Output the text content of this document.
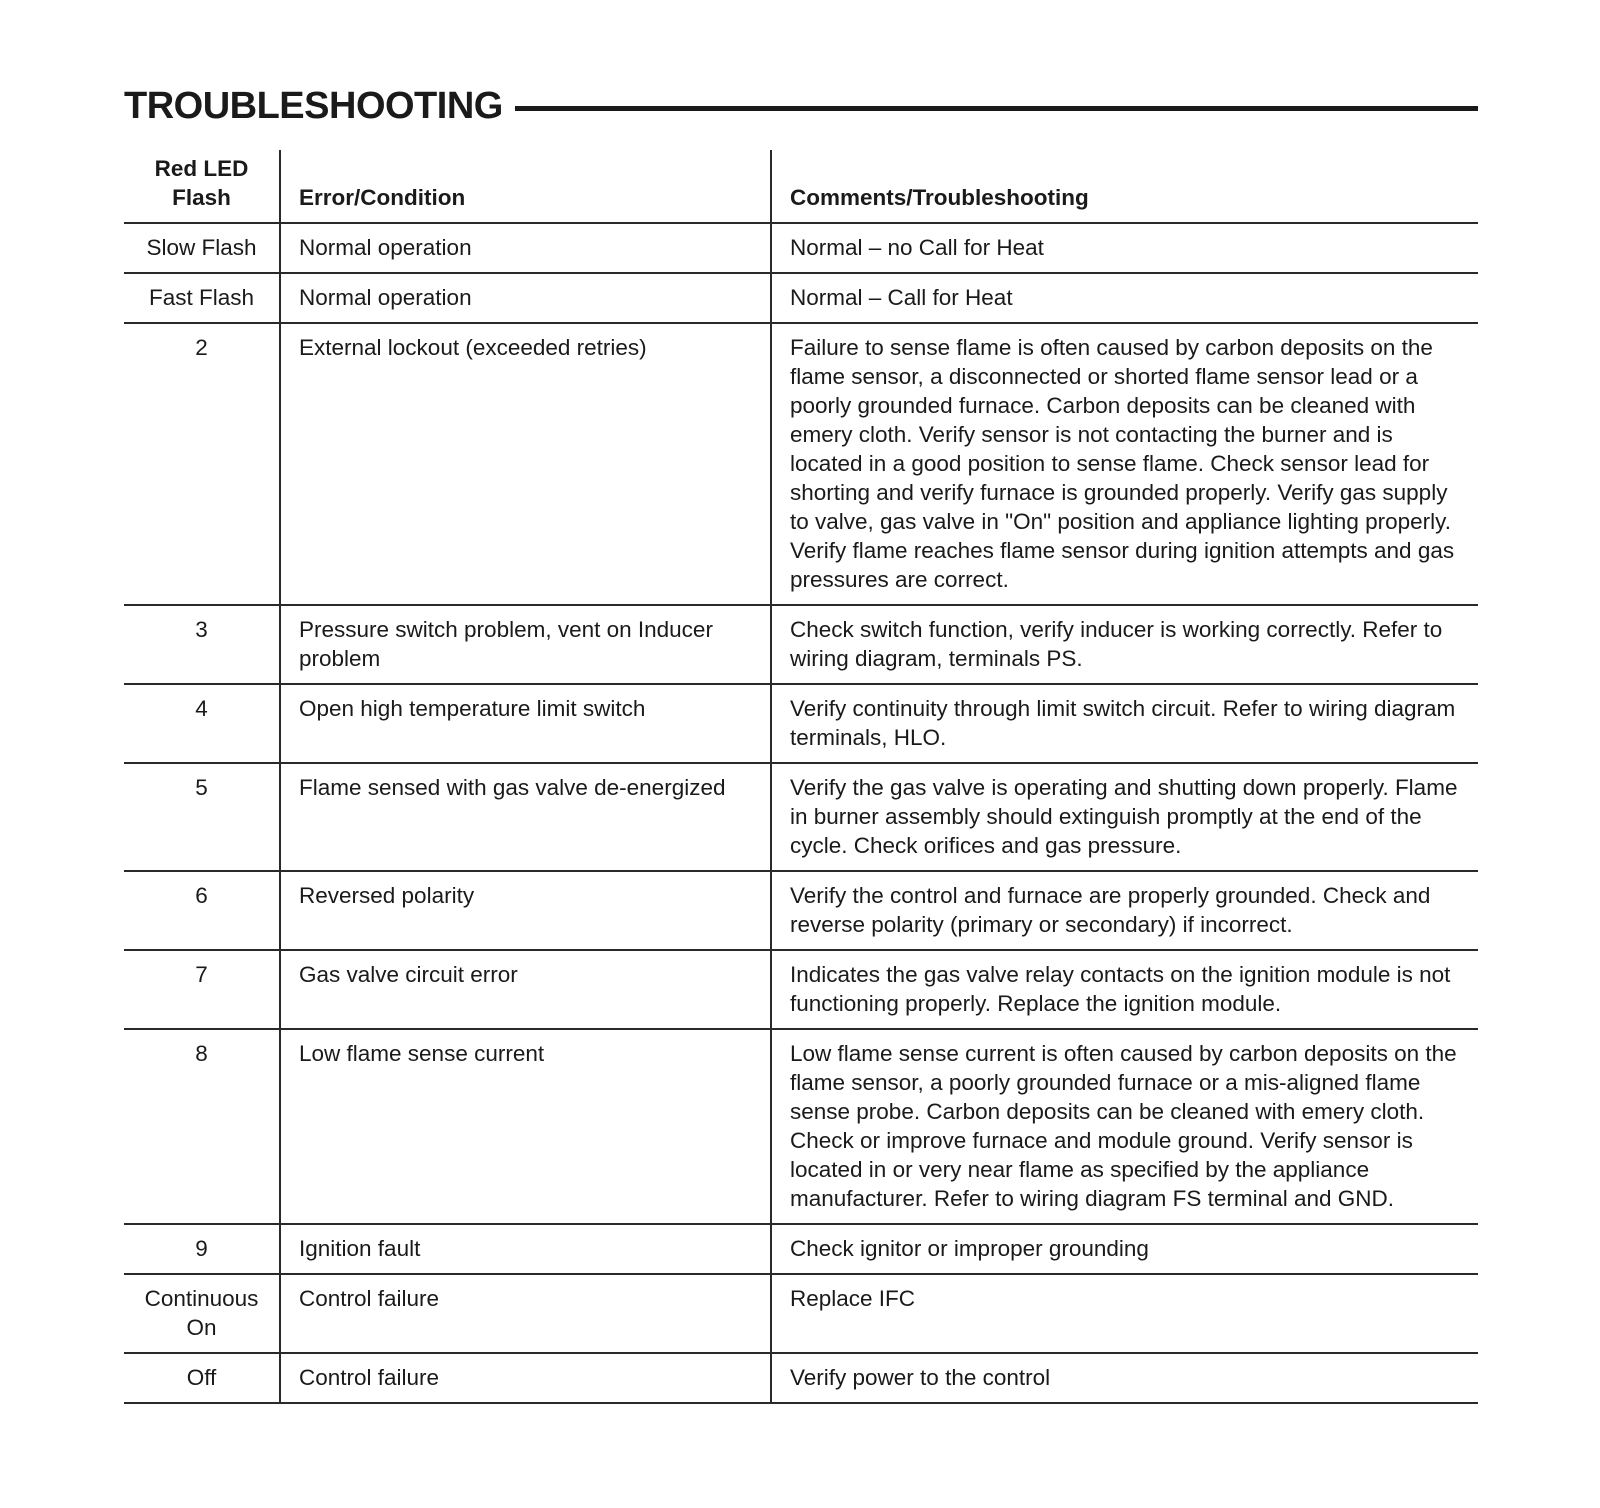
TROUBLESHOOTING
Red LED Flash	Error/Condition	Comments/Troubleshooting
Slow Flash	Normal operation	Normal – no Call for Heat
Fast Flash	Normal operation	Normal – Call for Heat
2	External lockout (exceeded retries)	Failure to sense flame is often caused by carbon deposits on the flame sensor, a disconnected or shorted flame sensor lead or a poorly grounded furnace. Carbon deposits can be cleaned with emery cloth. Verify sensor is not contacting the burner and is located in a good position to sense flame. Check sensor lead for shorting and verify furnace is grounded properly. Verify gas supply to valve, gas valve in "On" position and appliance lighting properly. Verify flame reaches flame sensor during ignition attempts and gas pressures are correct.
3	Pressure switch problem, vent on Inducer problem	Check switch function, verify inducer is working correctly. Refer to wiring diagram, terminals PS.
4	Open high temperature limit switch	Verify continuity through limit switch circuit. Refer to wiring diagram terminals, HLO.
5	Flame sensed with gas valve de-energized	Verify the gas valve is operating and shutting down properly. Flame in burner assembly should extinguish promptly at the end of the cycle. Check orifices and gas pressure.
6	Reversed polarity	Verify the control and furnace are properly grounded. Check and reverse polarity (primary or secondary) if incorrect.
7	Gas valve circuit error	Indicates the gas valve relay contacts on the ignition module is not functioning properly. Replace the ignition module.
8	Low flame sense current	Low flame sense current is often caused by carbon deposits on the flame sensor, a poorly grounded furnace or a mis-aligned flame sense probe. Carbon deposits can be cleaned with emery cloth. Check or improve furnace and module ground. Verify sensor is located in or very near flame as specified by the appliance manufacturer. Refer to wiring diagram FS terminal and GND.
9	Ignition fault	Check ignitor or improper grounding
Continuous On	Control failure	Replace IFC
Off	Control failure	Verify power to the control
